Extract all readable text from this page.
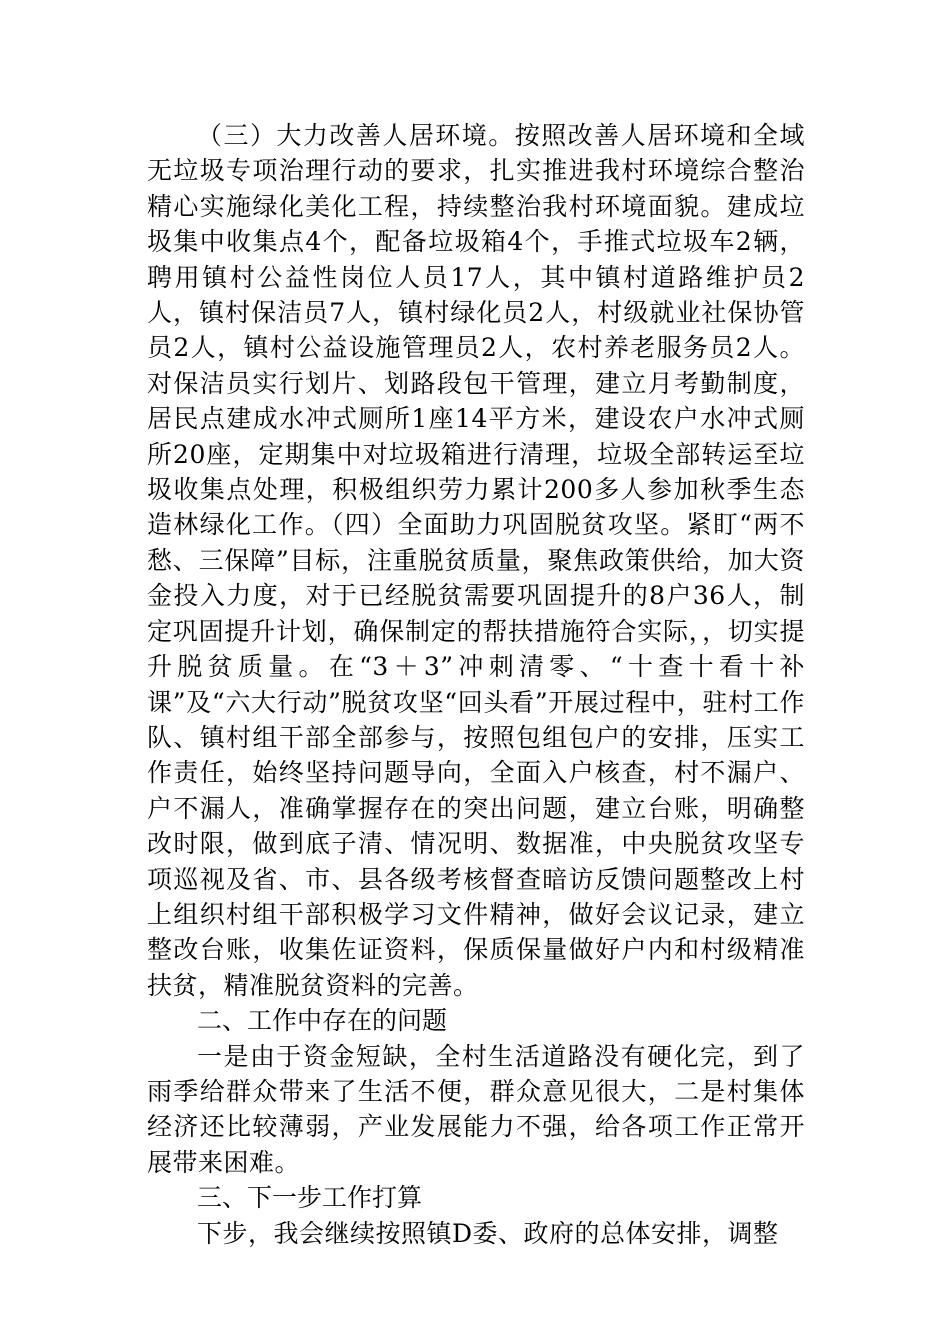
（三）大力改善人居环境。按照改善人居环境和全域无垃圾专项治理行动的要求，扎实推进我村环境综合整治精心实施绿化美化工程，持续整治我村环境面貌。建成垃圾集中收集点4个，配备垃圾箱4个，手推式垃圾车2辆，聘用镇村公益性岗位人员17人，其中镇村道路维护员2人，镇村保洁员7人，镇村绿化员2人，村级就业社保协管员2人，镇村公益设施管理员2人，农村养老服务员2人。对保洁员实行划片、划路段包干管理，建立月考勤制度，居民点建成水冲式厕所1座14平方米，建设农户水冲式厕所20座，定期集中对垃圾箱进行清理，垃圾全部转运至垃圾收集点处理，积极组织劳力累计200多人参加秋季生态造林绿化工作。（四）全面助力巩固脱贫攻坚。紧盯“两不愁、三保障”目标，注重脱贫质量，聚焦政策供给，加大资金投入力度，对于已经脱贫需要巩固提升的8户36人，制定巩固提升计划，确保制定的帮扶措施符合实际，，切实提升脱贫质量。在“3＋3”冲刺清零、“十查十看十补课”及“六大行动”脱贫攻坚“回头看”开展过程中，驻村工作队、镇村组干部全部参与，按照包组包户的安排，压实工作责任，始终坚持问题导向，全面入户核查，村不漏户、户不漏人，准确掌握存在的突出问题，建立台账，明确整改时限，做到底子清、情况明、数据准，中央脱贫攻坚专项巡视及省、市、县各级考核督查暗访反馈问题整改上村上组织村组干部积极学习文件精神，做好会议记录，建立整改台账，收集佐证资料，保质保量做好户内和村级精准扶贫，精准脱贫资料的完善。

二、工作中存在的问题

一是由于资金短缺，全村生活道路没有硬化完，到了雨季给群众带来了生活不便，群众意见很大，二是村集体经济还比较薄弱，产业发展能力不强，给各项工作正常开展带来困难。

三、下一步工作打算

下步，我会继续按照镇D委、政府的总体安排，调整
